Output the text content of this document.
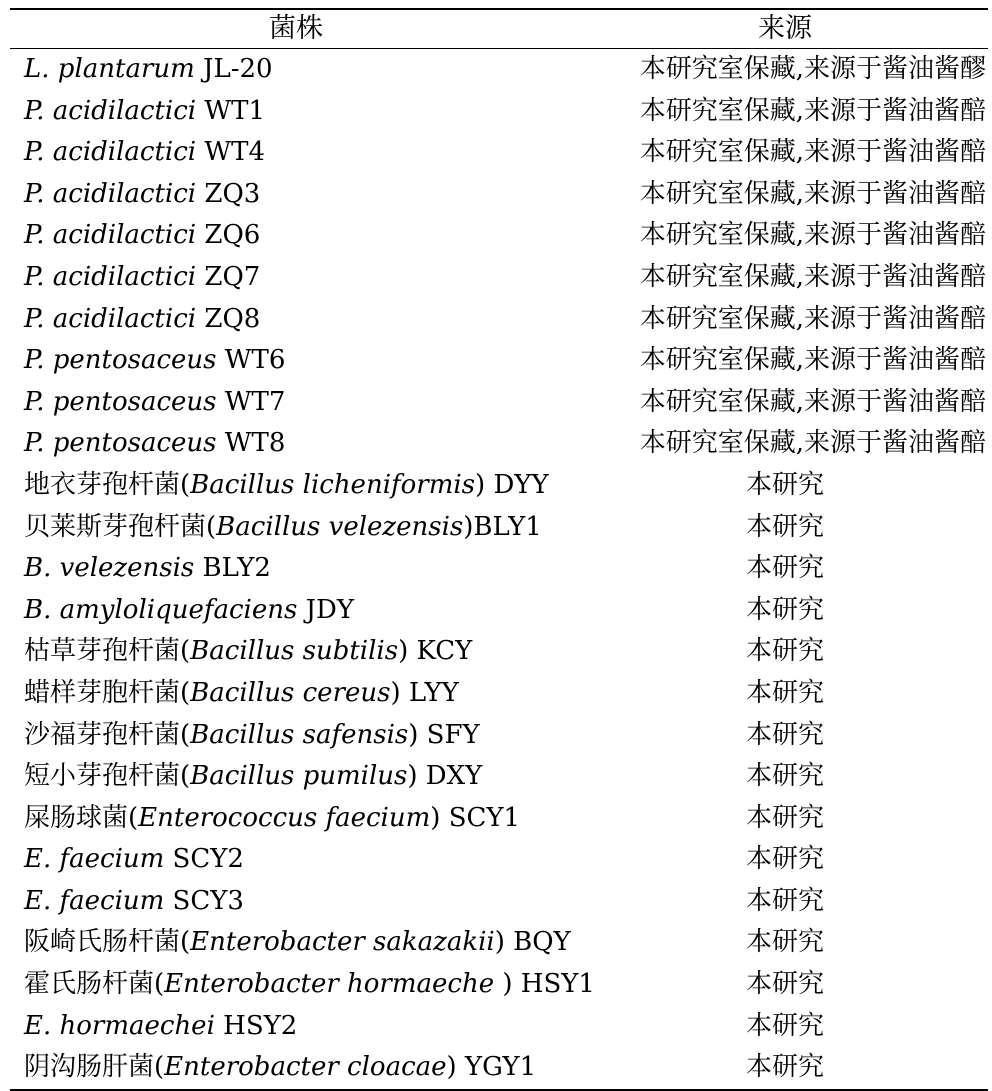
菌株	来源
L. plantarum JL-20	本研究室保藏,来源于酱油酱醪
P. acidilactici WT1	本研究室保藏,来源于酱油酱醅
P. acidilactici WT4	本研究室保藏,来源于酱油酱醅
P. acidilactici ZQ3	本研究室保藏,来源于酱油酱醅
P. acidilactici ZQ6	本研究室保藏,来源于酱油酱醅
P. acidilactici ZQ7	本研究室保藏,来源于酱油酱醅
P. acidilactici ZQ8	本研究室保藏,来源于酱油酱醅
P. pentosaceus WT6	本研究室保藏,来源于酱油酱醅
P. pentosaceus WT7	本研究室保藏,来源于酱油酱醅
P. pentosaceus WT8	本研究室保藏,来源于酱油酱醅
地衣芽孢杆菌(Bacillus licheniformis) DYY	本研究
贝莱斯芽孢杆菌(Bacillus velezensis)BLY1	本研究
B. velezensis BLY2	本研究
B. amyloliquefaciens JDY	本研究
枯草芽孢杆菌(Bacillus subtilis) KCY	本研究
蜡样芽胞杆菌(Bacillus cereus) LYY	本研究
沙福芽孢杆菌(Bacillus safensis) SFY	本研究
短小芽孢杆菌(Bacillus pumilus) DXY	本研究
屎肠球菌(Enterococcus faecium) SCY1	本研究
E. faecium SCY2	本研究
E. faecium SCY3	本研究
阪崎氏肠杆菌(Enterobacter sakazakii) BQY	本研究
霍氏肠杆菌(Enterobacter hormaeche ) HSY1	本研究
E. hormaechei HSY2	本研究
阴沟肠肝菌(Enterobacter cloacae) YGY1	本研究
